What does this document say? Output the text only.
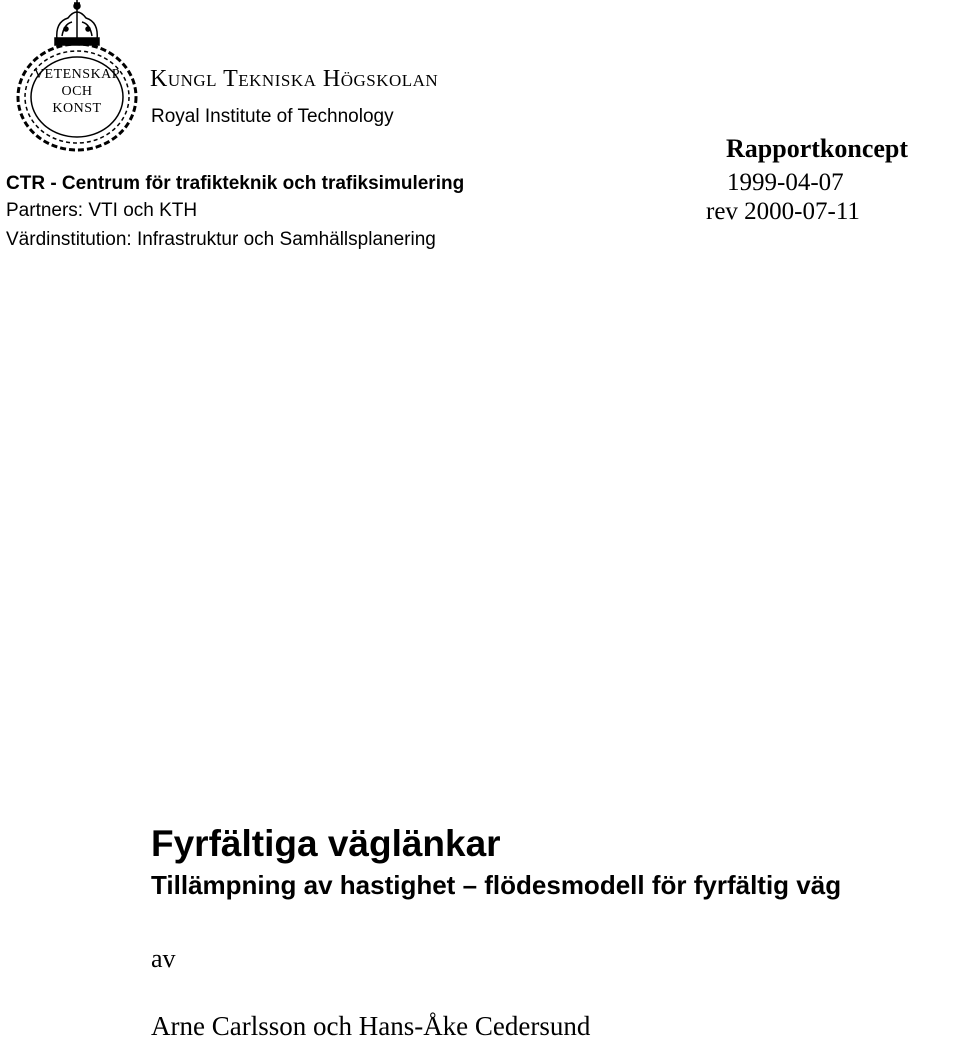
VETENSKAP
OCH
KONST
Kungl Tekniska Högskolan
Royal Institute of Technology
Rapportkoncept
CTR - Centrum för trafikteknik och trafiksimulering	1999-04-07
Partners: VTI och KTH	rev 2000-07-11
Värdinstitution: Infrastruktur och Samhällsplanering
Fyrfältiga väglänkar
Tillämpning av hastighet – flödesmodell för fyrfältig väg
av
Arne Carlsson och Hans-Åke Cedersund
